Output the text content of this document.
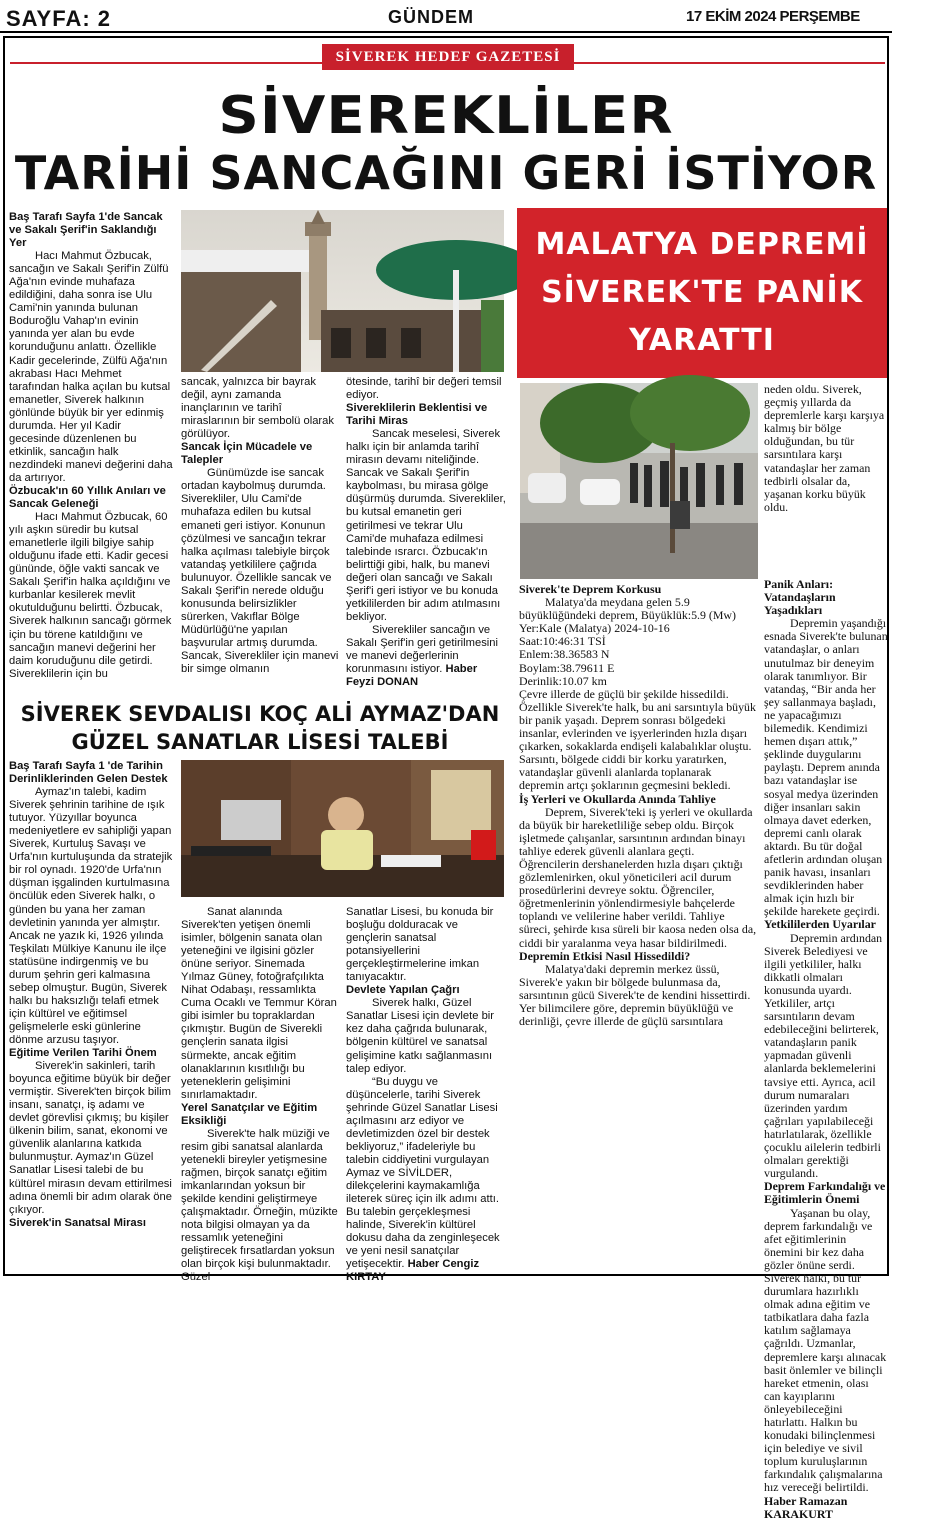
SAYFA: 2	GÜNDEM	17 EKİM 2024 PERŞEMBE
SİVEREK HEDEF GAZETESİ
SİVEREKLİLER
TARİHİ SANCAĞINI GERİ İSTİYOR

Baş Tarafı Sayfa 1'de Sancak ve Sakalı Şerif'in Saklandığı Yer

Hacı Mahmut Özbucak, sancağın ve Sakalı Şerif'in Zülfü Ağa'nın evinde muhafaza edildiğini, daha sonra ise Ulu Cami'nin yanında bulunan Boduroğlu Vahap'ın evinin yanında yer alan bu evde korunduğunu anlattı. Özellikle Kadir gecelerinde, Zülfü Ağa'nın akrabası Hacı Mehmet tarafından halka açılan bu kutsal emanetler, Siverek halkının gönlünde büyük bir yer edinmiş durumda. Her yıl Kadir gecesinde düzenlenen bu etkinlik, sancağın halk nezdindeki manevi değerini daha da artırıyor.

Özbucak'ın 60 Yıllık Anıları ve Sancak Geleneği

Hacı Mahmut Özbucak, 60 yılı aşkın süredir bu kutsal emanetlerle ilgili bilgiye sahip olduğunu ifade etti. Kadir gecesi gününde, öğle vakti sancak ve Sakalı Şerif'in halka açıldığını ve kurbanlar kesilerek mevlit okutulduğunu belirtti. Özbucak, Siverek halkının sancağı görmek için bu törene katıldığını ve sancağın manevi değerini her daim koruduğunu dile getirdi. Sivereklilerin için bu

sancak, yalnızca bir bayrak değil, aynı zamanda inançlarının ve tarihî miraslarının bir sembolü olarak görülüyor.

Sancak İçin Mücadele ve Talepler

Günümüzde ise sancak ortadan kaybolmuş durumda. Siverekliler, Ulu Cami'de muhafaza edilen bu kutsal emaneti geri istiyor. Konunun çözülmesi ve sancağın tekrar halka açılması talebiyle birçok vatandaş yetkililere çağrıda bulunuyor. Özellikle sancak ve Sakalı Şerif'in nerede olduğu konusunda belirsizlikler sürerken, Vakıflar Bölge Müdürlüğü'ne yapılan başvurular artmış durumda. Sancak, Siverekliler için manevi bir simge olmanın

ötesinde, tarihî bir değeri temsil ediyor.

Sivereklilerin Beklentisi ve Tarihi Miras

Sancak meselesi, Siverek halkı için bir anlamda tarihî mirasın devamı niteliğinde. Sancak ve Sakalı Şerif'in kaybolması, bu mirasa gölge düşürmüş durumda. Siverekliler, bu kutsal emanetin geri getirilmesi ve tekrar Ulu Cami'de muhafaza edilmesi talebinde ısrarcı. Özbucak'ın belirttiği gibi, halk, bu manevi değeri olan sancağı ve Sakalı Şerif'i geri istiyor ve bu konuda yetkililerden bir adım atılmasını bekliyor.

Siverekliler sancağın ve Sakalı Şerif'in geri getirilmesini ve manevi değerlerinin korunmasını istiyor. Haber Feyzi DONAN

MALATYA DEPREMİ
SİVEREK'TE PANİK
YARATTI

Siverek'te Deprem Korkusu

Malatya'da meydana gelen 5.9 büyüklüğündeki deprem, Büyüklük:5.9 (Mw)

Yer:Kale (Malatya) 2024-10-16

Saat:10:46:31 TSİ

Enlem:38.36583 N

Boylam:38.79611 E

Derinlik:10.07 km

Çevre illerde de güçlü bir şekilde hissedildi. Özellikle Siverek'te halk, bu ani sarsıntıyla büyük bir panik yaşadı. Deprem sonrası bölgedeki insanlar, evlerinden ve işyerlerinden hızla dışarı çıkarken, sokaklarda endişeli kalabalıklar oluştu. Sarsıntı, bölgede ciddi bir korku yaratırken, vatandaşlar güvenli alanlarda toplanarak depremin artçı şoklarının geçmesini bekledi.

İş Yerleri ve Okullarda Anında Tahliye

Deprem, Siverek'teki iş yerleri ve okullarda da büyük bir hareketliliğe sebep oldu. Birçok işletmede çalışanlar, sarsıntının ardından binayı tahliye ederek güvenli alanlara geçti. Öğrencilerin dershanelerden hızla dışarı çıktığı gözlemlenirken, okul yöneticileri acil durum prosedürlerini devreye soktu. Öğrenciler, öğretmenlerinin yönlendirmesiyle bahçelerde toplandı ve velilerine haber verildi. Tahliye süreci, şehirde kısa süreli bir kaosa neden olsa da, ciddi bir yaralanma veya hasar bildirilmedi.

Depremin Etkisi Nasıl Hissedildi?

Malatya'daki depremin merkez üssü, Siverek'e yakın bir bölgede bulunmasa da, sarsıntının gücü Siverek'te de kendini hissettirdi. Yer bilimcilere göre, depremin büyüklüğü ve derinliği, çevre illerde de güçlü sarsıntılara

neden oldu. Siverek, geçmiş yıllarda da depremlerle karşı karşıya kalmış bir bölge olduğundan, bu tür sarsıntılara karşı vatandaşlar her zaman tedbirli olsalar da, yaşanan korku büyük oldu.

Panik Anları: Vatandaşların Yaşadıkları

Depremin yaşandığı esnada Siverek'te bulunan vatandaşlar, o anları unutulmaz bir deneyim olarak tanımlıyor. Bir vatandaş, “Bir anda her şey sallanmaya başladı, ne yapacağımızı bilemedik. Kendimizi hemen dışarı attık,” şeklinde duygularını paylaştı. Deprem anında bazı vatandaşlar ise sosyal medya üzerinden diğer insanları sakin olmaya davet ederken, depremi canlı olarak aktardı. Bu tür doğal afetlerin ardından oluşan panik havası, insanları sevdiklerinden haber almak için hızlı bir şekilde harekete geçirdi.

Yetkililerden Uyarılar

Depremin ardından Siverek Belediyesi ve ilgili yetkililer, halkı dikkatli olmaları konusunda uyardı. Yetkililer, artçı sarsıntıların devam edebileceğini belirterek, vatandaşların panik yapmadan güvenli alanlarda beklemelerini tavsiye etti. Ayrıca, acil durum numaraları üzerinden yardım çağrıları yapılabileceği hatırlatılarak, özellikle çocuklu ailelerin tedbirli olmaları gerektiği vurgulandı.

Deprem Farkındalığı ve Eğitimlerin Önemi

Yaşanan bu olay, deprem farkındalığı ve afet eğitimlerinin önemini bir kez daha gözler önüne serdi. Siverek halkı, bu tür durumlara hazırlıklı olmak adına eğitim ve tatbikatlara daha fazla katılım sağlamaya çağrıldı. Uzmanlar, depremlere karşı alınacak basit önlemler ve bilinçli hareket etmenin, olası can kayıplarını önleyebileceğini hatırlattı. Halkın bu konudaki bilinçlenmesi için belediye ve sivil toplum kuruluşlarının farkındalık çalışmalarına hız vereceği belirtildi. Haber Ramazan KARAKURT

SİVEREK SEVDALISI KOÇ ALİ AYMAZ'DAN
GÜZEL SANATLAR LİSESİ TALEBİ

Baş Tarafı Sayfa 1 'de Tarihin Derinliklerinden Gelen Destek

Aymaz'ın talebi, kadim Siverek şehrinin tarihine de ışık tutuyor. Yüzyıllar boyunca medeniyetlere ev sahipliği yapan Siverek, Kurtuluş Savaşı ve Urfa'nın kurtuluşunda da stratejik bir rol oynadı. 1920'de Urfa'nın düşman işgalinden kurtulmasına öncülük eden Siverek halkı, o günden bu yana her zaman devletinin yanında yer almıştır. Ancak ne yazık ki, 1926 yılında Teşkilatı Mülkiye Kanunu ile ilçe statüsüne indirgenmiş ve bu durum şehrin geri kalmasına sebep olmuştur. Bugün, Siverek halkı bu haksızlığı telafi etmek için kültürel ve eğitimsel gelişmelerle eski günlerine dönme arzusu taşıyor.

Eğitime Verilen Tarihi Önem

Siverek'in sakinleri, tarih boyunca eğitime büyük bir değer vermiştir. Siverek'ten birçok bilim insanı, sanatçı, iş adamı ve devlet görevlisi çıkmış; bu kişiler ülkenin bilim, sanat, ekonomi ve güvenlik alanlarına katkıda bulunmuştur. Aymaz'ın Güzel Sanatlar Lisesi talebi de bu kültürel mirasın devam ettirilmesi adına önemli bir adım olarak öne çıkıyor.

Siverek'in Sanatsal Mirası

Sanat alanında Siverek'ten yetişen önemli isimler, bölgenin sanata olan yeteneğini ve ilgisini gözler önüne seriyor. Sinemada Yılmaz Güney, fotoğrafçılıkta Nihat Odabaşı, ressamlıkta Cuma Ocaklı ve Temmur Köran gibi isimler bu topraklardan çıkmıştır. Bugün de Siverekli gençlerin sanata ilgisi sürmekte, ancak eğitim olanaklarının kısıtlılığı bu yeteneklerin gelişimini sınırlamaktadır.

Yerel Sanatçılar ve Eğitim Eksikliği

Siverek'te halk müziği ve resim gibi sanatsal alanlarda yetenekli bireyler yetişmesine rağmen, birçok sanatçı eğitim imkanlarından yoksun bir şekilde kendini geliştirmeye çalışmaktadır. Örneğin, müzikte nota bilgisi olmayan ya da ressamlık yeteneğini geliştirecek fırsatlardan yoksun olan birçok kişi bulunmaktadır. Güzel

Sanatlar Lisesi, bu konuda bir boşluğu dolduracak ve gençlerin sanatsal potansiyellerini gerçekleştirmelerine imkan tanıyacaktır.

Devlete Yapılan Çağrı

Siverek halkı, Güzel Sanatlar Lisesi için devlete bir kez daha çağrıda bulunarak, bölgenin kültürel ve sanatsal gelişimine katkı sağlanmasını talep ediyor.

“Bu duygu ve düşüncelerle, tarihi Siverek şehrinde Güzel Sanatlar Lisesi açılmasını arz ediyor ve devletimizden özel bir destek bekliyoruz,” ifadeleriyle bu talebin ciddiyetini vurgulayan Aymaz ve SİVİLDER, dilekçelerini kaymakamlığa ileterek süreç için ilk adımı attı. Bu talebin gerçekleşmesi halinde, Siverek'in kültürel dokusu daha da zenginleşecek ve yeni nesil sanatçılar yetişecektir. Haber Cengiz KIRTAY
